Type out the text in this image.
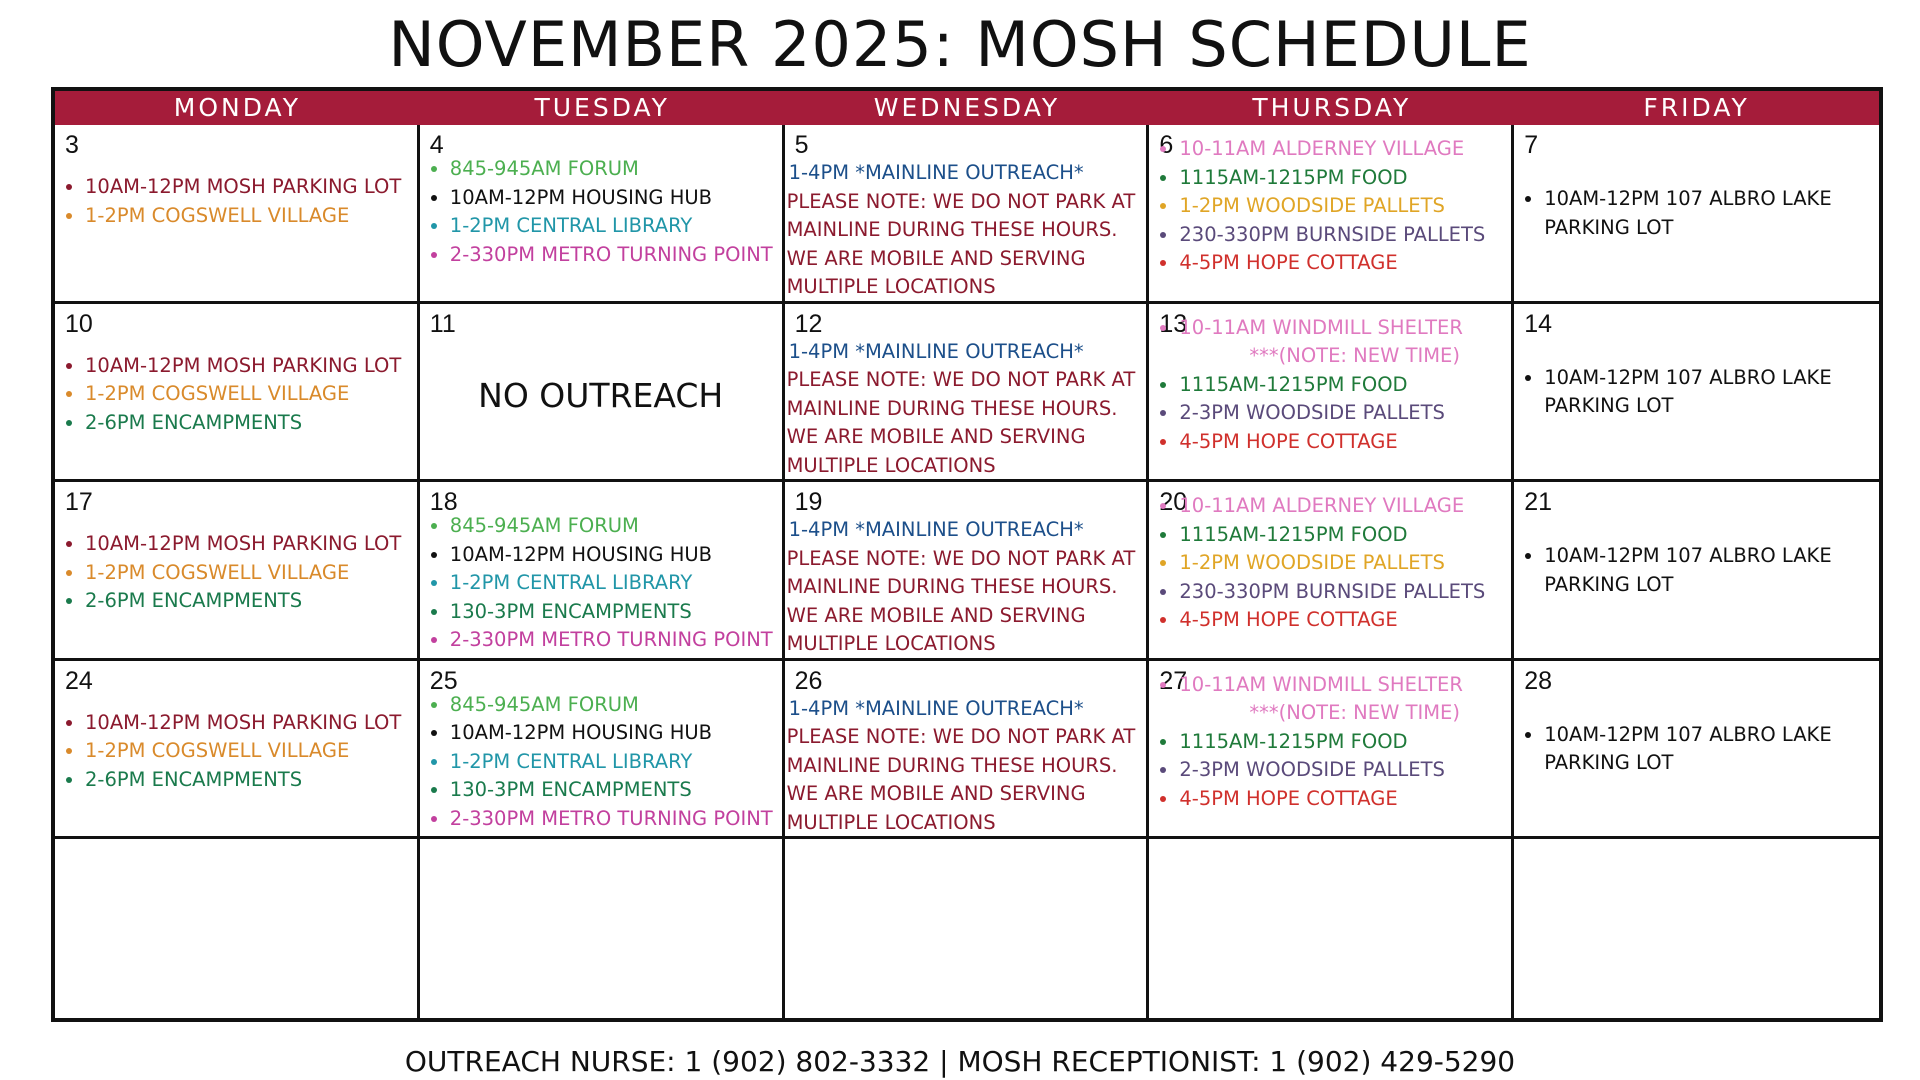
NOVEMBER 2025: MOSH SCHEDULE
MONDAY	TUESDAY	WEDNESDAY	THURSDAY	FRIDAY
3
• 10AM-12PM MOSH PARKING LOT
• 1-2PM COGSWELL VILLAGE
4
• 845-945AM FORUM
• 10AM-12PM HOUSING HUB
• 1-2PM CENTRAL LIBRARY
• 2-330PM METRO TURNING POINT
5
1-4PM *MAINLINE OUTREACH*
PLEASE NOTE: WE DO NOT PARK AT MAINLINE DURING THESE HOURS. WE ARE MOBILE AND SERVING MULTIPLE LOCATIONS
6
• 10-11AM ALDERNEY VILLAGE
• 1115AM-1215PM FOOD
• 1-2PM WOODSIDE PALLETS
• 230-330PM BURNSIDE PALLETS
• 4-5PM HOPE COTTAGE
7
• 10AM-12PM 107 ALBRO LAKE PARKING LOT
10
• 10AM-12PM MOSH PARKING LOT
• 1-2PM COGSWELL VILLAGE
• 2-6PM ENCAMPMENTS
11
NO OUTREACH
12
1-4PM *MAINLINE OUTREACH*
PLEASE NOTE: WE DO NOT PARK AT MAINLINE DURING THESE HOURS. WE ARE MOBILE AND SERVING MULTIPLE LOCATIONS
13
• 10-11AM WINDMILL SHELTER
***(NOTE: NEW TIME)
• 1115AM-1215PM FOOD
• 2-3PM WOODSIDE PALLETS
• 4-5PM HOPE COTTAGE
14
• 10AM-12PM 107 ALBRO LAKE PARKING LOT
17
• 10AM-12PM MOSH PARKING LOT
• 1-2PM COGSWELL VILLAGE
• 2-6PM ENCAMPMENTS
18
• 845-945AM FORUM
• 10AM-12PM HOUSING HUB
• 1-2PM CENTRAL LIBRARY
• 130-3PM ENCAMPMENTS
• 2-330PM METRO TURNING POINT
19
1-4PM *MAINLINE OUTREACH*
PLEASE NOTE: WE DO NOT PARK AT MAINLINE DURING THESE HOURS. WE ARE MOBILE AND SERVING MULTIPLE LOCATIONS
20
• 10-11AM ALDERNEY VILLAGE
• 1115AM-1215PM FOOD
• 1-2PM WOODSIDE PALLETS
• 230-330PM BURNSIDE PALLETS
• 4-5PM HOPE COTTAGE
21
• 10AM-12PM 107 ALBRO LAKE PARKING LOT
24
• 10AM-12PM MOSH PARKING LOT
• 1-2PM COGSWELL VILLAGE
• 2-6PM ENCAMPMENTS
25
• 845-945AM FORUM
• 10AM-12PM HOUSING HUB
• 1-2PM CENTRAL LIBRARY
• 130-3PM ENCAMPMENTS
• 2-330PM METRO TURNING POINT
26
1-4PM *MAINLINE OUTREACH*
PLEASE NOTE: WE DO NOT PARK AT MAINLINE DURING THESE HOURS. WE ARE MOBILE AND SERVING MULTIPLE LOCATIONS
27
• 10-11AM WINDMILL SHELTER
***(NOTE: NEW TIME)
• 1115AM-1215PM FOOD
• 2-3PM WOODSIDE PALLETS
• 4-5PM HOPE COTTAGE
28
• 10AM-12PM 107 ALBRO LAKE PARKING LOT
OUTREACH NURSE: 1 (902) 802-3332 | MOSH RECEPTIONIST: 1 (902) 429-5290
